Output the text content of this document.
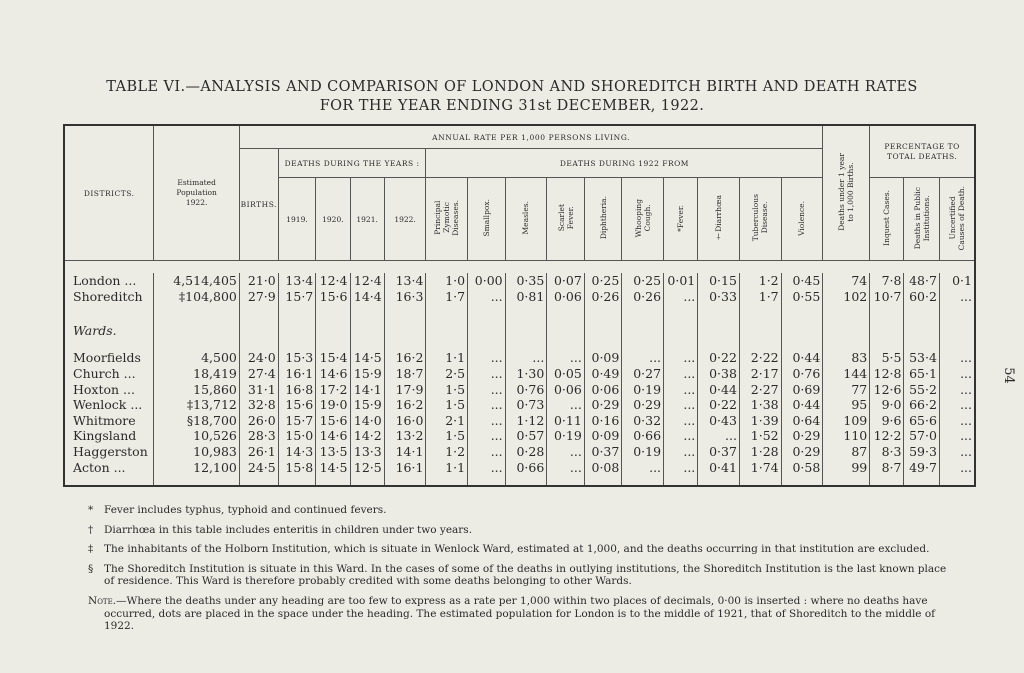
TABLE VI.—ANALYSIS AND COMPARISON OF LONDON AND SHOREDITCH BIRTH AND DEATH RATES
FOR THE YEAR ENDING 31st DECEMBER, 1922.
54
DISTRICTS.	Estimated
Population
1922.	ANNUAL RATE PER 1,000 PERSONS LIVING.															Deaths under 1 year
to 1,000 Births.	PERCENTAGE TO
TOTAL DEATHS.		

		BIRTHS.	DEATHS DURING THE YEARS :				DEATHS DURING 1922 FROM													
							Principal
Zymotic
Diseases.	Smallpox.	Measles.	Scarlet
Fever.	Diphtheria.	Whooping
Cough.	*Fever.	†Diarrhœa	Tuberculous
Disease.	Violence.		Inquest Cases.	Deaths in Public
Institutions.	Uncertified
Causes of Death.
			1919.	1920.	1921.	1922.														

London ...	4,514,405	21·0	13·4	12·4	12·4	13·4	1·0	0·00	0·35	0·07	0·25	0·25	0·01	0·15	1·2	0·45	74	7·8	48·7	0·1
Shoreditch	‡104,800	27·9	15·7	15·6	14·4	16·3	1·7	...	0·81	0·06	0·26	0·26	...	0·33	1·7	0·55	102	10·7	60·2	...
Wards.																				

Moorfields	4,500	24·0	15·3	15·4	14·5	16·2	1·1	...	...	...	0·09	...	...	0·22	2·22	0·44	83	5·5	53·4	...
Church ...	18,419	27·4	16·1	14·6	15·9	18·7	2·5	...	1·30	0·05	0·49	0·27	...	0·38	2·17	0·76	144	12·8	65·1	...
Hoxton ...	15,860	31·1	16·8	17·2	14·1	17·9	1·5	...	0·76	0·06	0·06	0·19	...	0·44	2·27	0·69	77	12·6	55·2	...
Wenlock ...	‡13,712	32·8	15·6	19·0	15·9	16·2	1·5	...	0·73	...	0·29	0·29	...	0·22	1·38	0·44	95	9·0	66·2	...
Whitmore	§18,700	26·0	15·7	15·6	14·0	16·0	2·1	...	1·12	0·11	0·16	0·32	...	0·43	1·39	0·64	109	9·6	65·6	...
Kingsland	10,526	28·3	15·0	14·6	14·2	13·2	1·5	...	0·57	0·19	0·09	0·66	...	...	1·52	0·29	110	12·2	57·0	...
Haggerston	10,983	26·1	14·3	13·5	13·3	14·1	1·2	...	0·28	...	0·37	0·19	...	0·37	1·28	0·29	87	8·3	59·3	...
Acton ...	12,100	24·5	15·8	14·5	12·5	16·1	1·1	...	0·66	...	0·08	...	...	0·41	1·74	0·58	99	8·7	49·7	...

* Fever includes typhus, typhoid and continued fevers.
† Diarrhœa in this table includes enteritis in children under two years.
‡ The inhabitants of the Holborn Institution, which is situate in Wenlock Ward, estimated at 1,000, and the deaths occurring in that institution are excluded.
§ The Shoreditch Institution is situate in this Ward. In the cases of some of the deaths in outlying institutions, the Shoreditch Institution is the last known place of residence. This Ward is therefore probably credited with some deaths belonging to other Wards.
Note.—Where the deaths under any heading are too few to express as a rate per 1,000 within two places of decimals, 0·00 is inserted : where no deaths have occurred, dots are placed in the space under the heading. The estimated population for London is to the middle of 1921, that of Shoreditch to the middle of 1922.
